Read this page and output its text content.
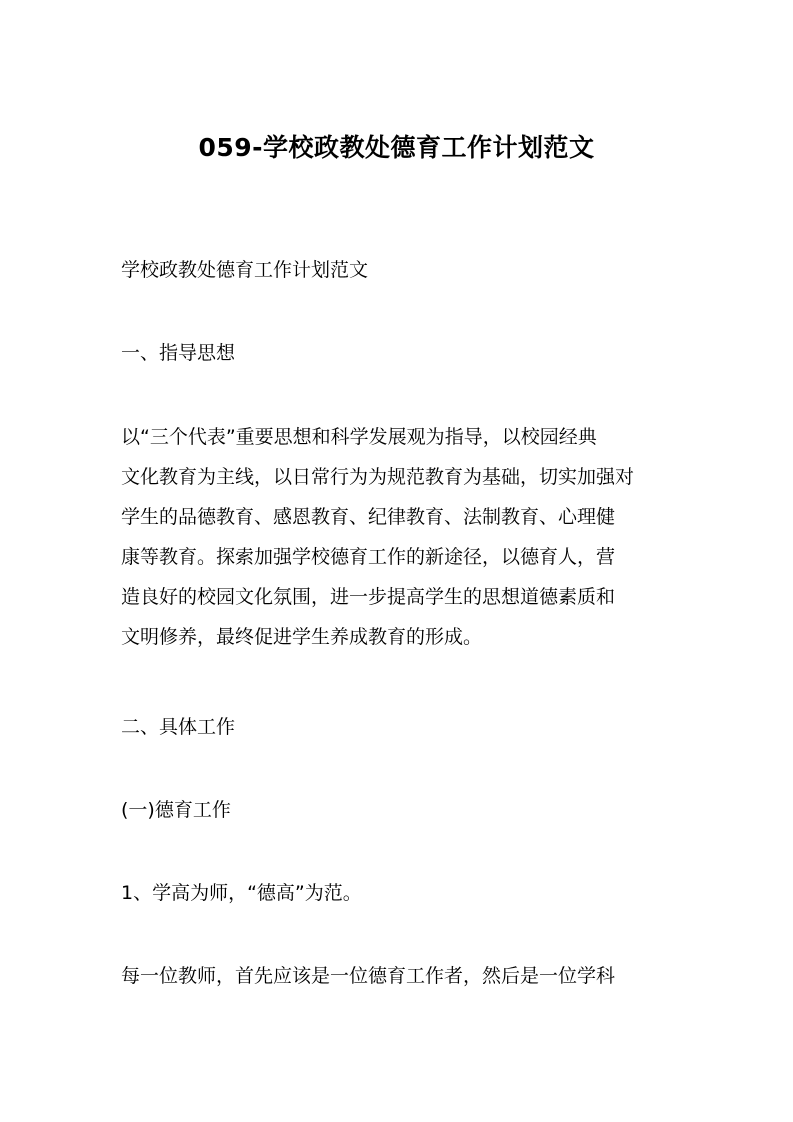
059-学校政教处德育工作计划范文
学校政教处德育工作计划范文
一、指导思想
以“三个代表”重要思想和科学发展观为指导，以校园经典
文化教育为主线，以日常行为为规范教育为基础，切实加强对
学生的品德教育、感恩教育、纪律教育、法制教育、心理健
康等教育。探索加强学校德育工作的新途径，以德育人，营
造良好的校园文化氛围，进一步提高学生的思想道德素质和
文明修养，最终促进学生养成教育的形成。
二、具体工作
(一)德育工作
1、学高为师，“德高”为范。
每一位教师，首先应该是一位德育工作者，然后是一位学科
